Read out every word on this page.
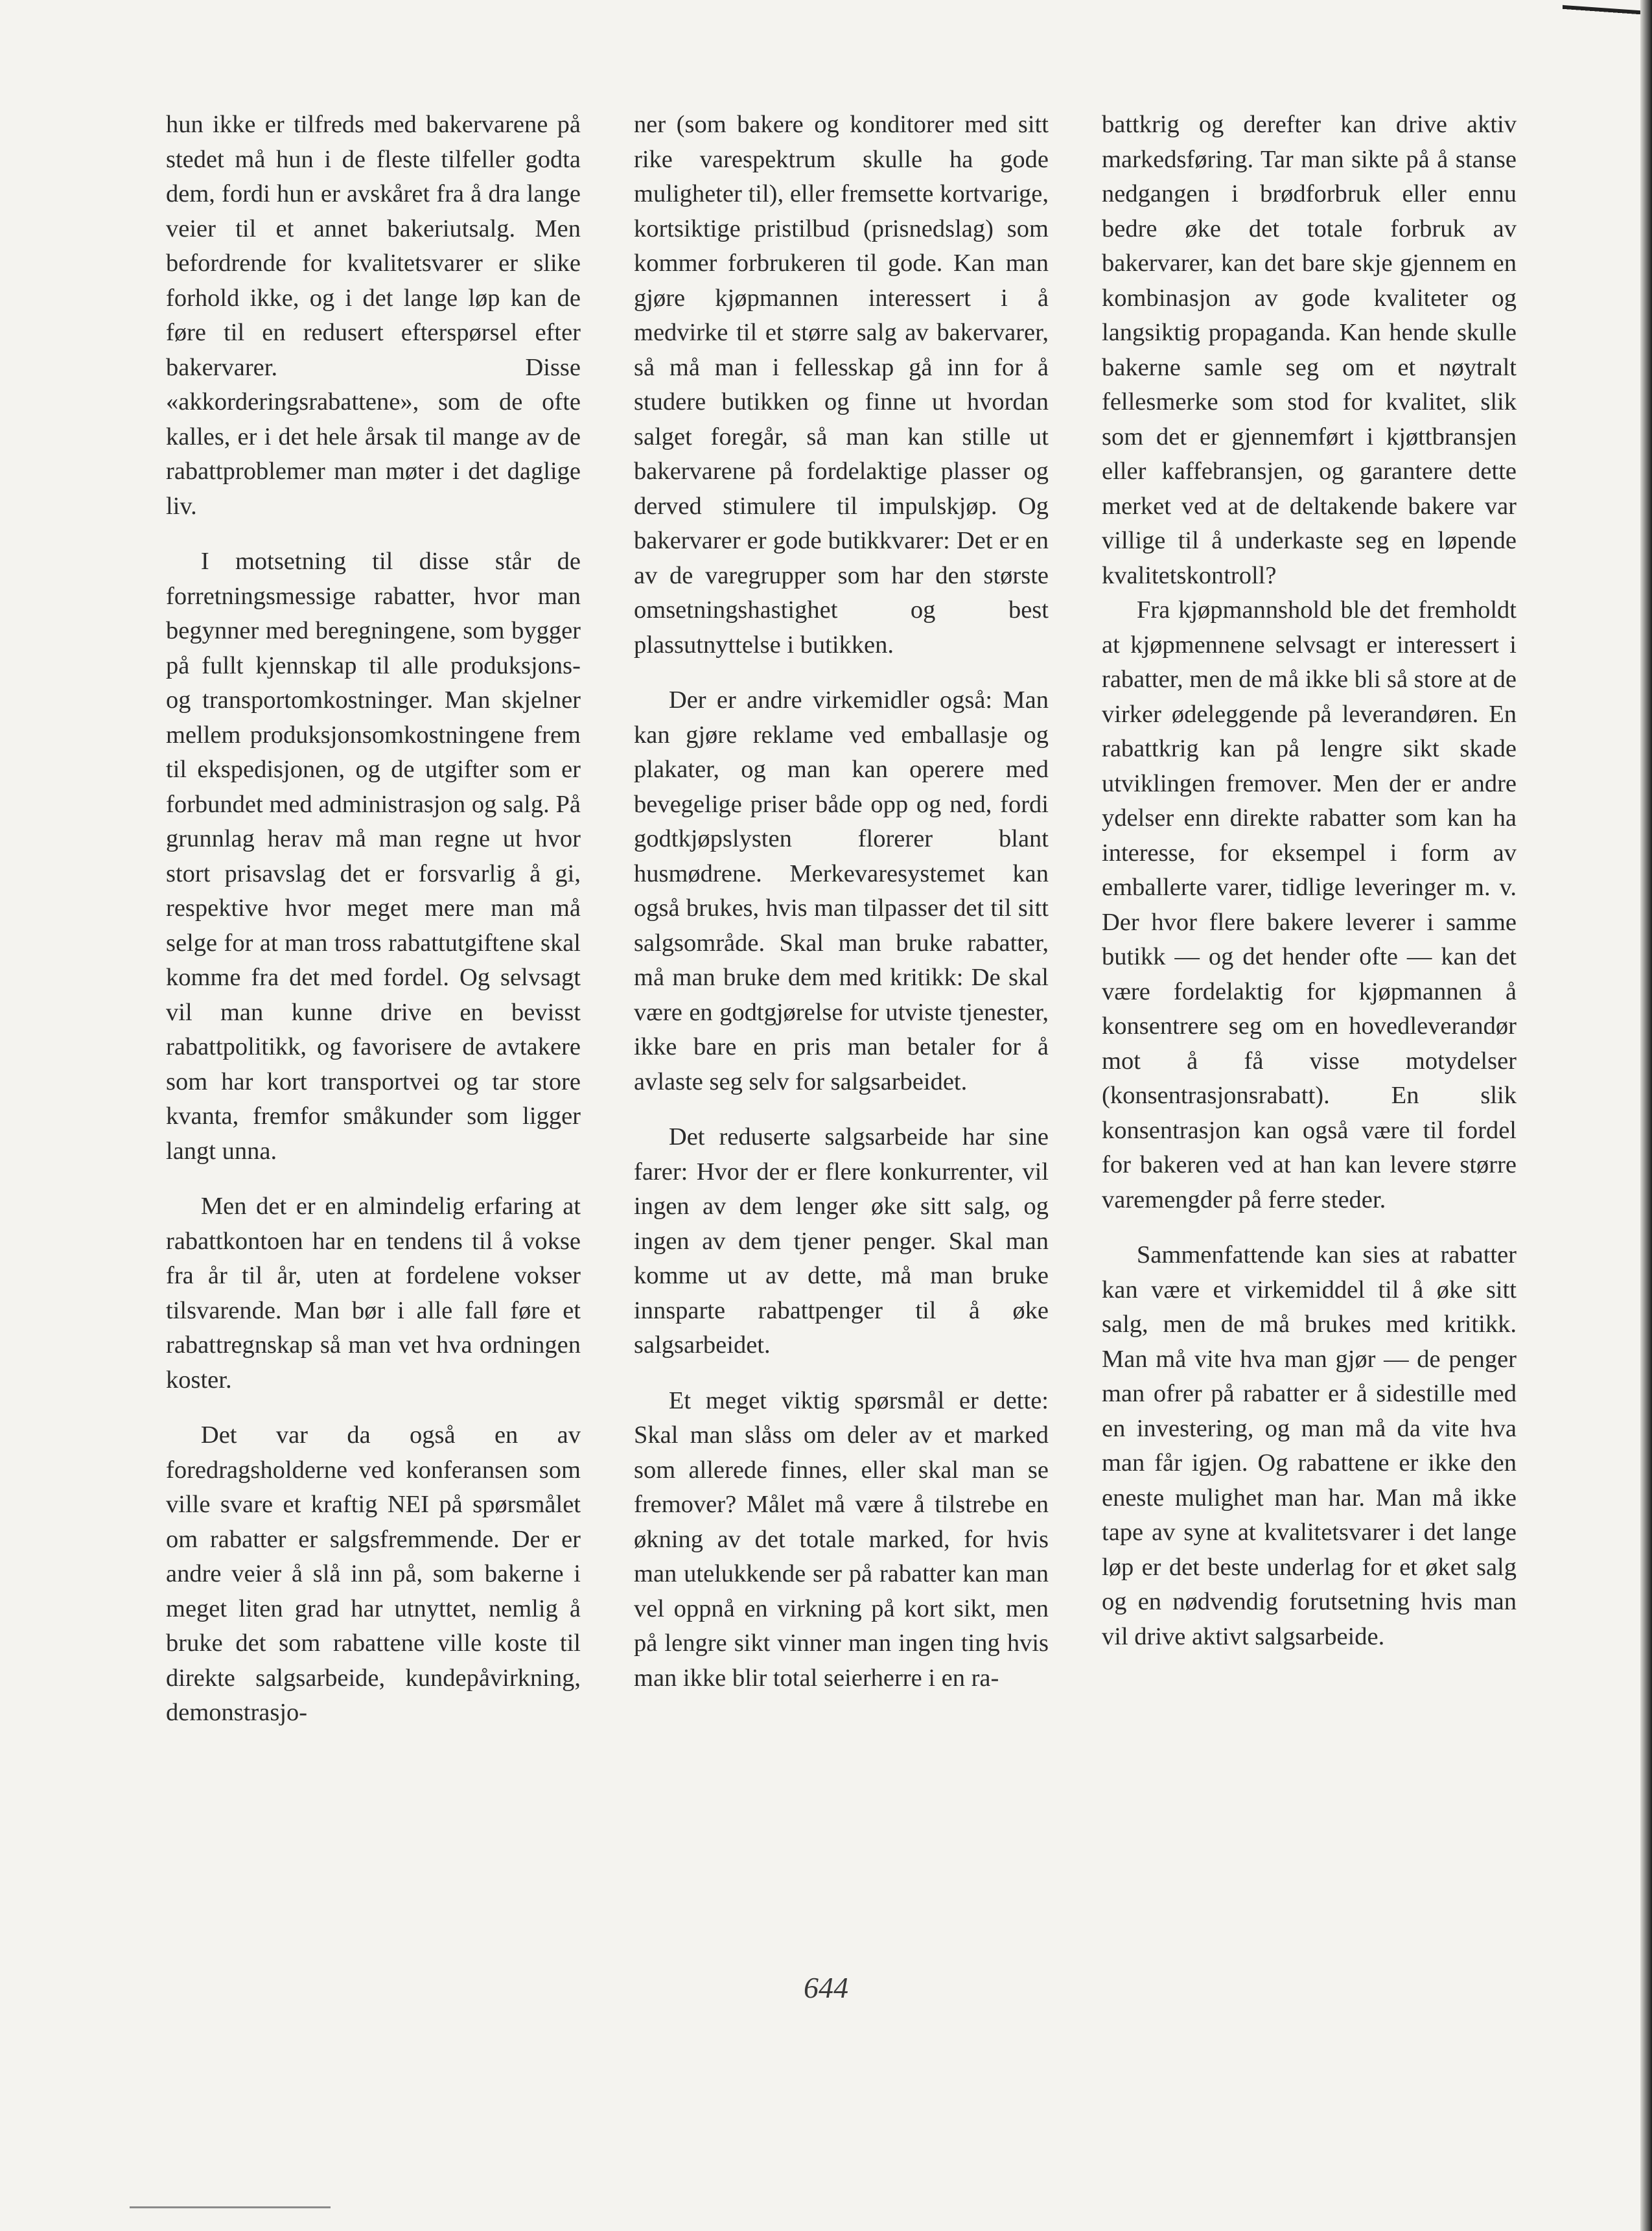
hun ikke er tilfreds med bakervarene på stedet må hun i de fleste tilfeller godta dem, fordi hun er avskåret fra å dra lange veier til et annet bakeriutsalg. Men befordrende for kvalitetsvarer er slike forhold ikke, og i det lange løp kan de føre til en redusert efterspørsel efter bakervarer. Disse «akkorderingsrabattene», som de ofte kalles, er i det hele årsak til mange av de rabattproblemer man møter i det daglige liv.

I motsetning til disse står de forretningsmessige rabatter, hvor man begynner med beregningene, som bygger på fullt kjennskap til alle produksjons- og transportomkostninger. Man skjelner mellem produksjonsomkostningene frem til ekspedisjonen, og de utgifter som er forbundet med administrasjon og salg. På grunnlag herav må man regne ut hvor stort prisavslag det er forsvarlig å gi, respektive hvor meget mere man må selge for at man tross rabattutgiftene skal komme fra det med fordel. Og selvsagt vil man kunne drive en bevisst rabattpolitikk, og favorisere de avtakere som har kort transportvei og tar store kvanta, fremfor småkunder som ligger langt unna.

Men det er en almindelig erfaring at rabattkontoen har en tendens til å vokse fra år til år, uten at fordelene vokser tilsvarende. Man bør i alle fall føre et rabattregnskap så man vet hva ordningen koster.

Det var da også en av foredragsholderne ved konferansen som ville svare et kraftig NEI på spørsmålet om rabatter er salgsfremmende. Der er andre veier å slå inn på, som bakerne i meget liten grad har utnyttet, nemlig å bruke det som rabattene ville koste til direkte salgsarbeide, kundepåvirkning, demonstrasjo-

ner (som bakere og konditorer med sitt rike varespektrum skulle ha gode muligheter til), eller fremsette kortvarige, kortsiktige pristilbud (prisnedslag) som kommer forbrukeren til gode. Kan man gjøre kjøpmannen interessert i å medvirke til et større salg av bakervarer, så må man i fellesskap gå inn for å studere butikken og finne ut hvordan salget foregår, så man kan stille ut bakervarene på fordelaktige plasser og derved stimulere til impulskjøp. Og bakervarer er gode butikkvarer: Det er en av de varegrupper som har den største omsetningshastighet og best plassutnyttelse i butikken.

Der er andre virkemidler også: Man kan gjøre reklame ved emballasje og plakater, og man kan operere med bevegelige priser både opp og ned, fordi godtkjøpslysten florerer blant husmødrene. Merkevaresystemet kan også brukes, hvis man tilpasser det til sitt salgsområde. Skal man bruke rabatter, må man bruke dem med kritikk: De skal være en godtgjørelse for utviste tjenester, ikke bare en pris man betaler for å avlaste seg selv for salgsarbeidet.

Det reduserte salgsarbeide har sine farer: Hvor der er flere konkurrenter, vil ingen av dem lenger øke sitt salg, og ingen av dem tjener penger. Skal man komme ut av dette, må man bruke innsparte rabattpenger til å øke salgsarbeidet.

Et meget viktig spørsmål er dette: Skal man slåss om deler av et marked som allerede finnes, eller skal man se fremover? Målet må være å tilstrebe en økning av det totale marked, for hvis man utelukkende ser på rabatter kan man vel oppnå en virkning på kort sikt, men på lengre sikt vinner man ingen ting hvis man ikke blir total seierherre i en ra-

battkrig og derefter kan drive aktiv markedsføring. Tar man sikte på å stanse nedgangen i brødforbruk eller ennu bedre øke det totale forbruk av bakervarer, kan det bare skje gjennem en kombinasjon av gode kvaliteter og langsiktig propaganda. Kan hende skulle bakerne samle seg om et nøytralt fellesmerke som stod for kvalitet, slik som det er gjennemført i kjøttbransjen eller kaffebransjen, og garantere dette merket ved at de deltakende bakere var villige til å underkaste seg en løpende kvalitetskontroll?

Fra kjøpmannshold ble det fremholdt at kjøpmennene selvsagt er interessert i rabatter, men de må ikke bli så store at de virker ødeleggende på leverandøren. En rabattkrig kan på lengre sikt skade utviklingen fremover. Men der er andre ydelser enn direkte rabatter som kan ha interesse, for eksempel i form av emballerte varer, tidlige leveringer m. v. Der hvor flere bakere leverer i samme butikk — og det hender ofte — kan det være fordelaktig for kjøpmannen å konsentrere seg om en hovedleverandør mot å få visse motydelser (konsentrasjonsrabatt). En slik konsentrasjon kan også være til fordel for bakeren ved at han kan levere større varemengder på ferre steder.

Sammenfattende kan sies at rabatter kan være et virkemiddel til å øke sitt salg, men de må brukes med kritikk. Man må vite hva man gjør — de penger man ofrer på rabatter er å sidestille med en investering, og man må da vite hva man får igjen. Og rabattene er ikke den eneste mulighet man har. Man må ikke tape av syne at kvalitetsvarer i det lange løp er det beste underlag for et øket salg og en nødvendig forutsetning hvis man vil drive aktivt salgsarbeide.

644
